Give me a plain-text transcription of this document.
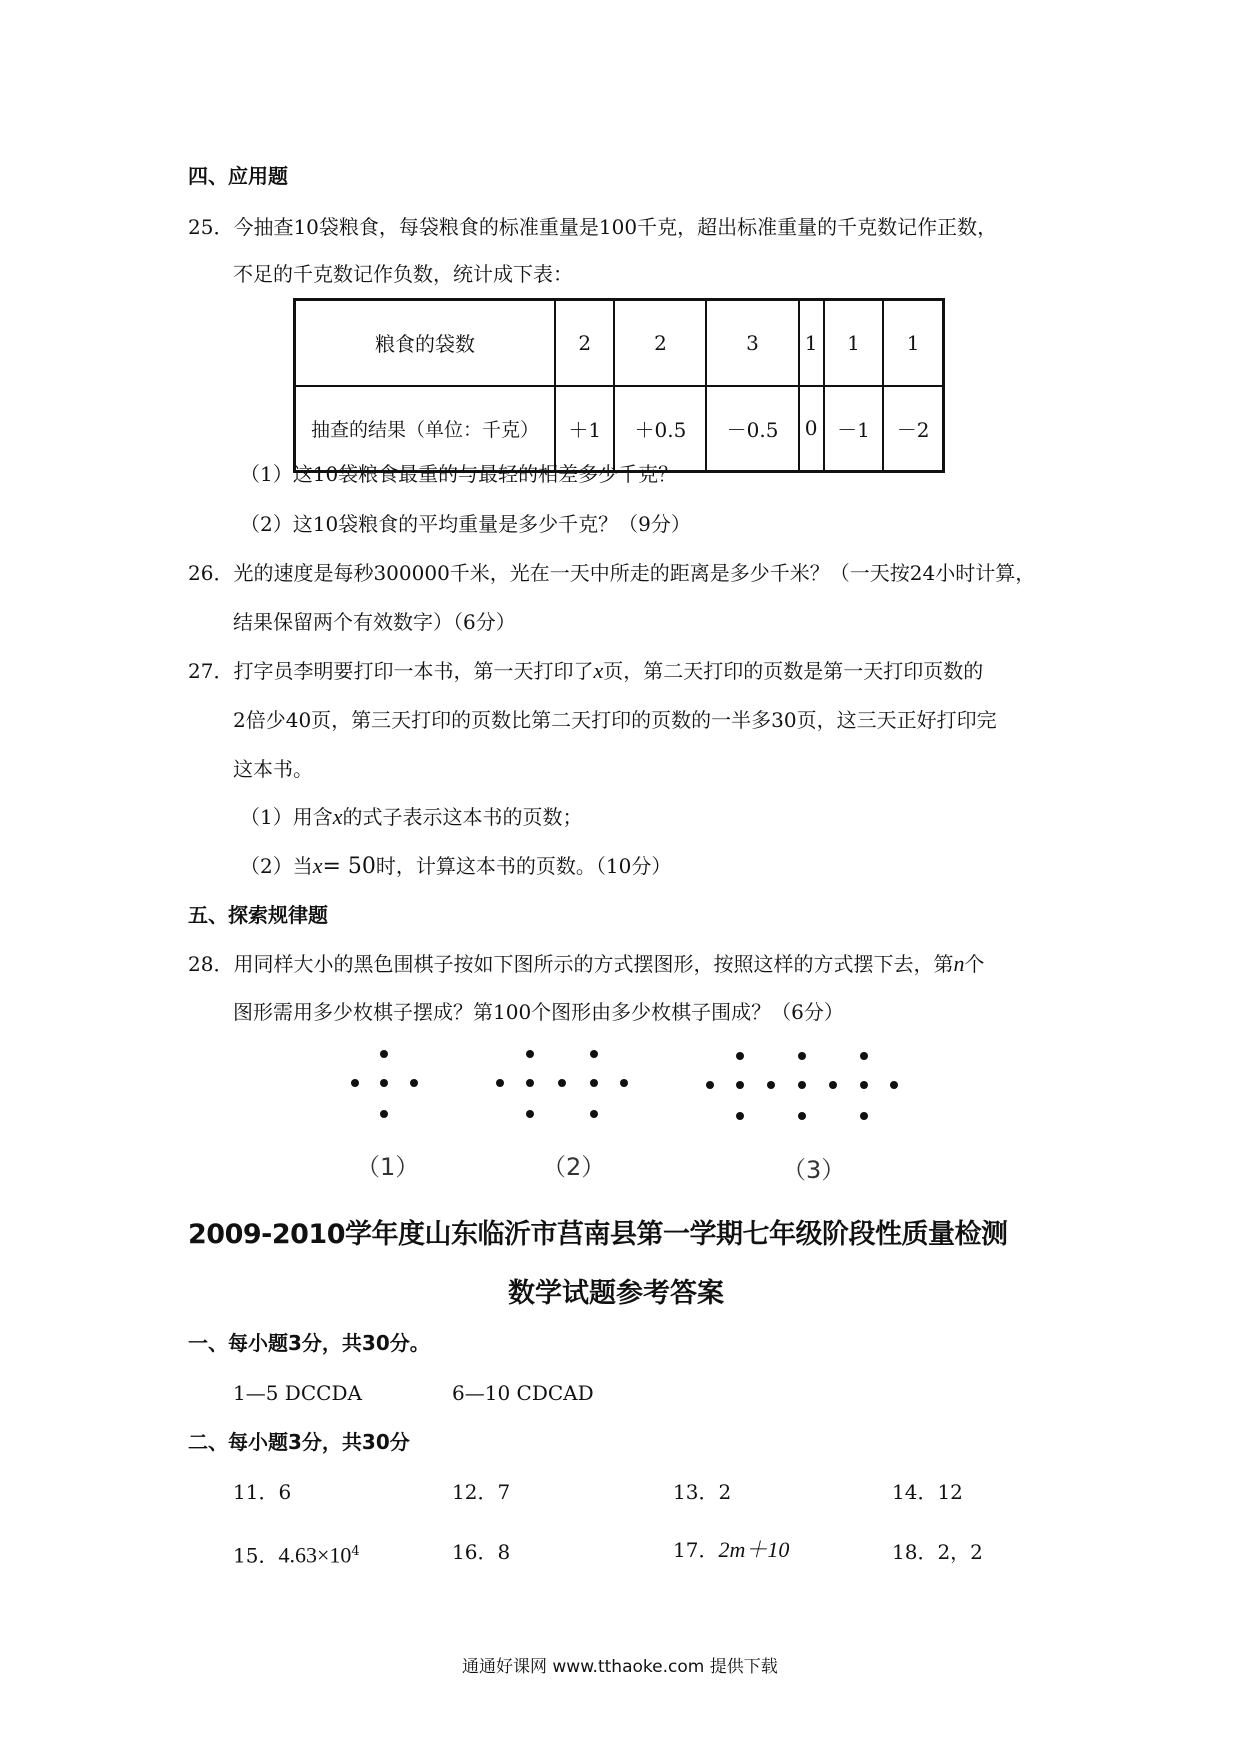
四、应用题
25．今抽查10袋粮食，每袋粮食的标准重量是100千克，超出标准重量的千克数记作正数，
不足的千克数记作负数，统计成下表：
粮食的袋数	2	2	3	1	1	1
抽查的结果（单位：千克）	＋1	＋0.5	－0.5	0	－1	－2
（1）这10袋粮食最重的与最轻的相差多少千克？
（2）这10袋粮食的平均重量是多少千克？（9分）
26．光的速度是每秒300000千米，光在一天中所走的距离是多少千米？（一天按24小时计算，
结果保留两个有效数字）（6分）
27．打字员李明要打印一本书，第一天打印了x页，第二天打印的页数是第一天打印页数的
2倍少40页，第三天打印的页数比第二天打印的页数的一半多30页，这三天正好打印完
这本书。
（1）用含x的式子表示这本书的页数；
（2）当x= 50时，计算这本书的页数。（10分）
五、探索规律题
28．用同样大小的黑色围棋子按如下图所示的方式摆图形，按照这样的方式摆下去，第n个
图形需用多少枚棋子摆成？第100个图形由多少枚棋子围成？（6分）
（1）	（2）	（3）
2009-2010学年度山东临沂市莒南县第一学期七年级阶段性质量检测
数学试题参考答案
一、每小题3分，共30分。
1—5 DCCDA	6—10 CDCAD
二、每小题3分，共30分
11．6	12．7	13．2	14．12
15．$4.63\times 10^4$	16．8	17．2m＋10	18．2，2
通通好课网 www.tthaoke.com 提供下载
